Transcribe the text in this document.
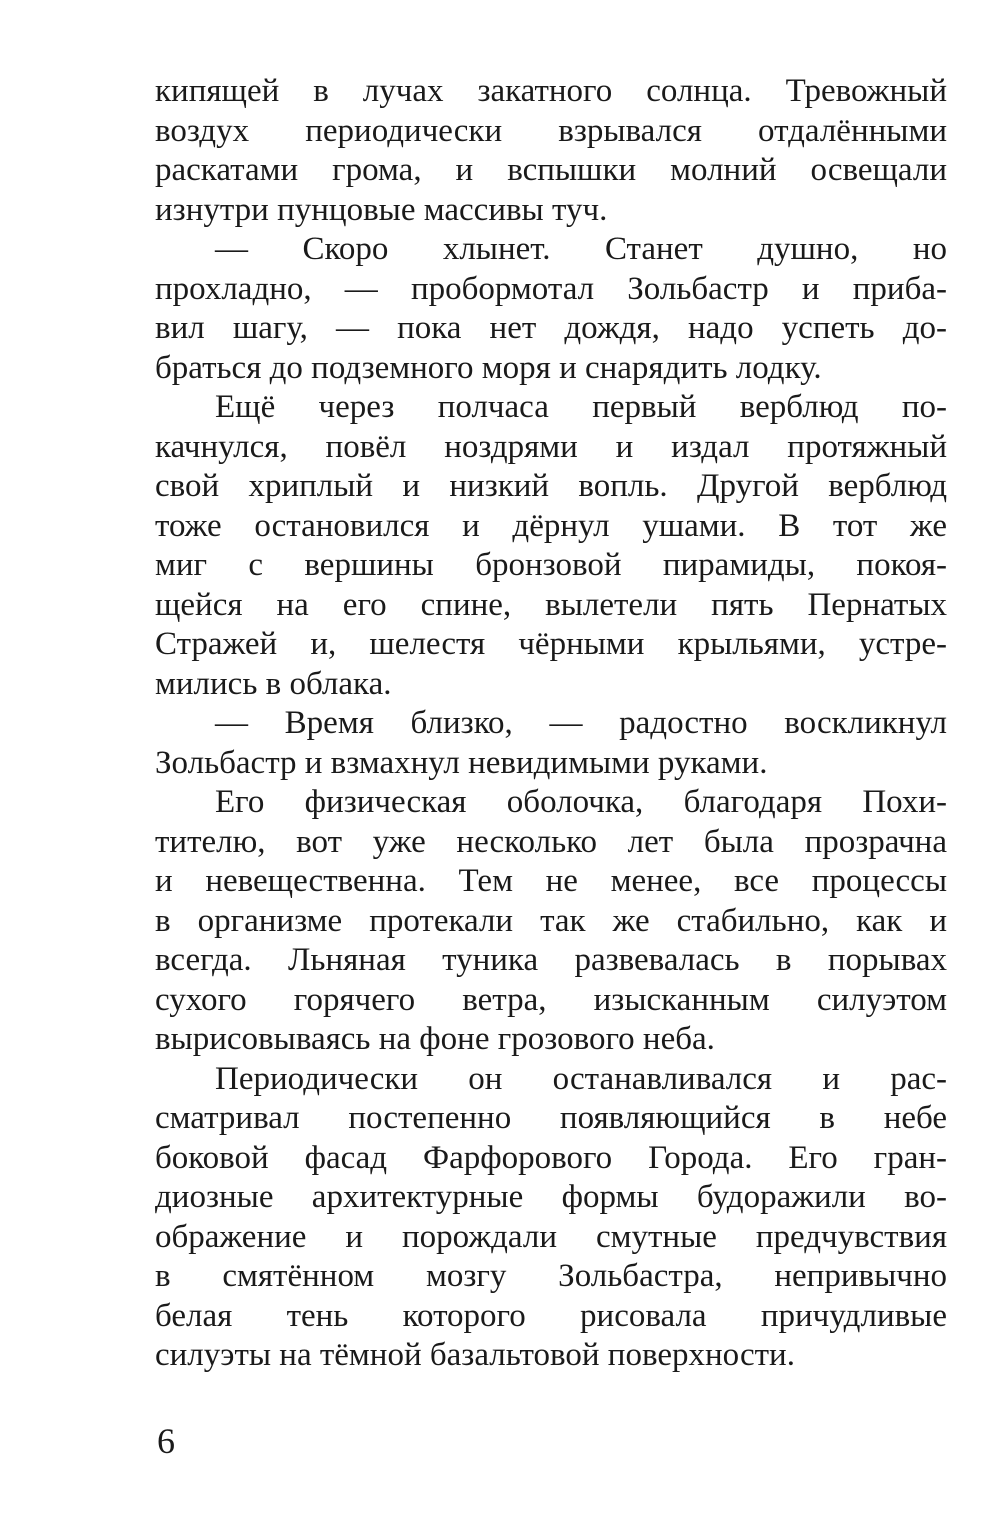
кипящей в лучах закатного солнца. Тревожный
воздух периодически взрывался отдалёнными
раскатами грома, и вспышки молний освещали
изнутри пунцовые массивы туч.
— Скоро хлынет. Станет душно, но
прохладно, — пробормотал Зольбастр и приба-
вил шагу, — пока нет дождя, надо успеть до-
браться до подземного моря и снарядить лодку.
Ещё через полчаса первый верблюд по-
качнулся, повёл ноздрями и издал протяжный
свой хриплый и низкий вопль. Другой верблюд
тоже остановился и дёрнул ушами. В тот же
миг с вершины бронзовой пирамиды, покоя-
щейся на его спине, вылетели пять Пернатых
Стражей и, шелестя чёрными крыльями, устре-
мились в облака.
— Время близко, — радостно воскликнул
Зольбастр и взмахнул невидимыми руками.
Его физическая оболочка, благодаря Похи-
тителю, вот уже несколько лет была прозрачна
и невещественна. Тем не менее, все процессы
в организме протекали так же стабильно, как и
всегда. Льняная туника развевалась в порывах
сухого горячего ветра, изысканным силуэтом
вырисовываясь на фоне грозового неба.
Периодически он останавливался и рас-
сматривал постепенно появляющийся в небе
боковой фасад Фарфорового Города. Его гран-
диозные архитектурные формы будоражили во-
ображение и порождали смутные предчувствия
в смятённом мозгу Зольбастра, непривычно
белая тень которого рисовала причудливые
силуэты на тёмной базальтовой поверхности.
6
